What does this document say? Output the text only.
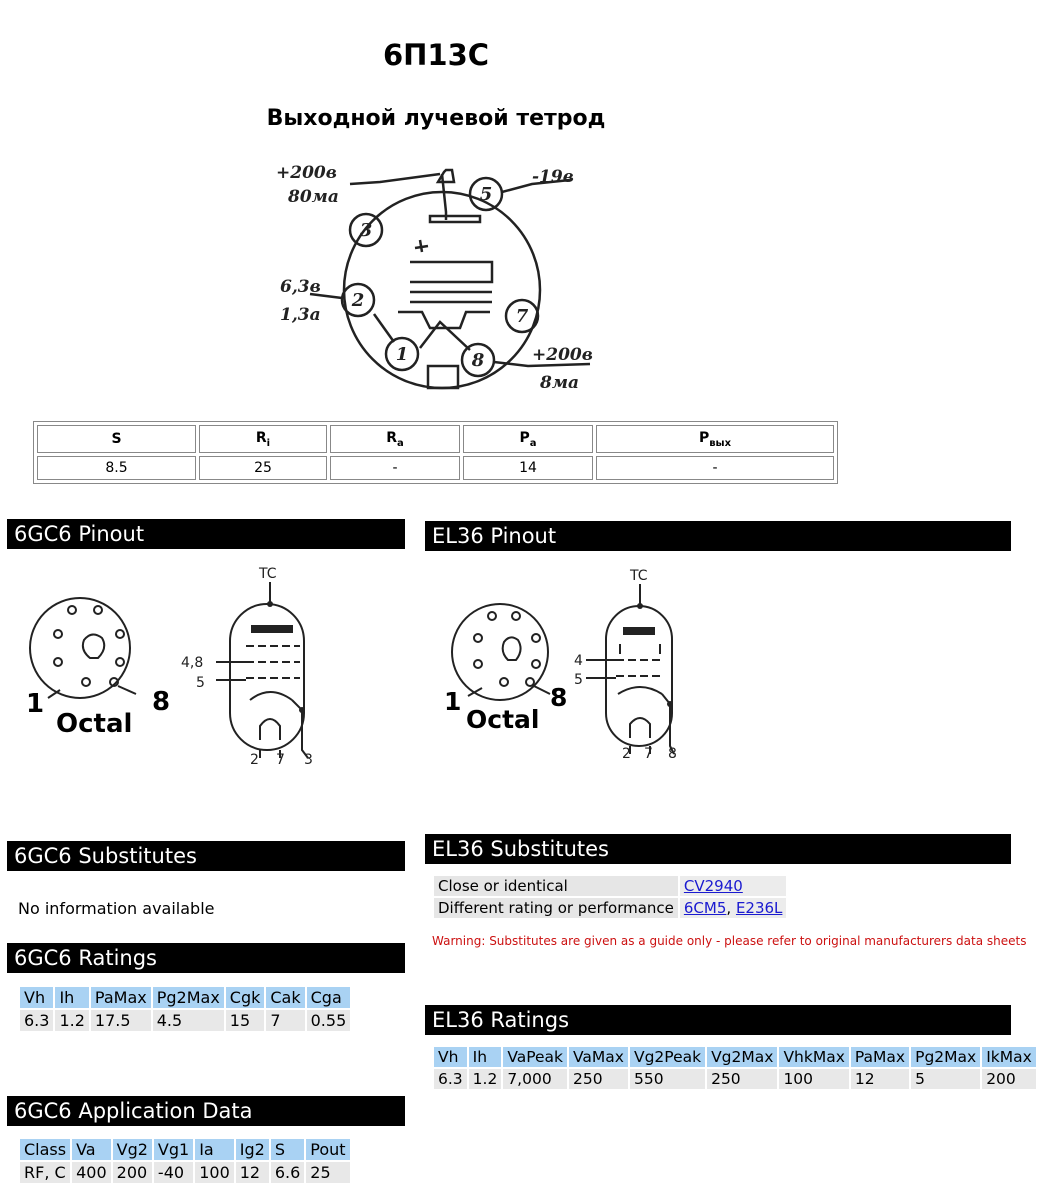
6П13С
Выходной лучевой тетрод
+200в
80ма
-19в
6,3в
1,3а
+200в
8ма
3
5
2
1	8
7
S	$R_i$	$R_a$	$P_a$	$P_{вых}$
8.5	25	-	14	-
6GC6 Pinout
1	8
Octal
TC
4,8
5
2 7 3
6GC6 Substitutes
No information available
6GC6 Ratings
Vh	Ih	PaMax	Pg2Max	Cgk	Cak	Cga
6.3	1.2	17.5	4.5	15	7	0.55
6GC6 Application Data
Class	Va	Vg2	Vg1	Ia	Ig2	S	Pout
RF, C	400	200	-40	100	12	6.6	25
EL36 Pinout
1	8
Octal
TC
4
5
2 7 8
EL36 Substitutes
Close or identical	CV2940
Different rating or performance	6CM5, E236L
Warning: Substitutes are given as a guide only - please refer to original manufacturers data sheets
EL36 Ratings
Vh	Ih	VaPeak	VaMax	Vg2Peak	Vg2Max	VhkMax	PaMax	Pg2Max	IkMax
6.3	1.2	7,000	250	550	250	100	12	5	200
